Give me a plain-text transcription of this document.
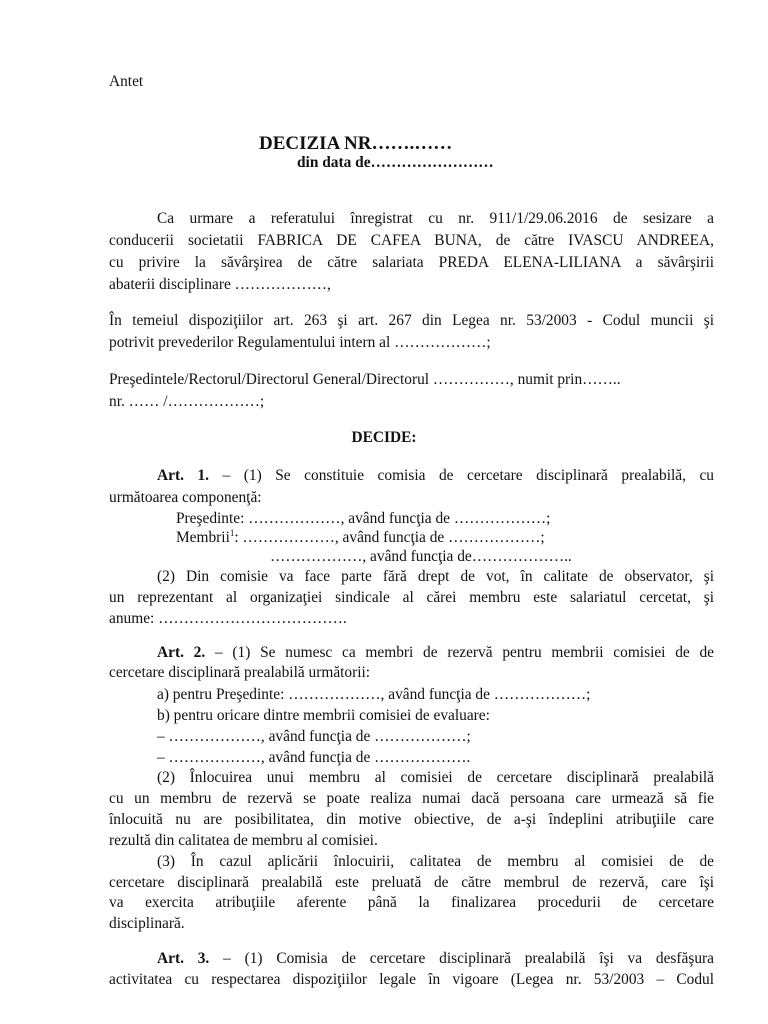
Antet

DECIZIA NR…….……

din data de……………………

Ca urmare a referatului înregistrat cu nr. 911/1/29.06.2016 de sesizare a

conducerii societatii FABRICA DE CAFEA BUNA, de către IVASCU ANDREEA,

cu privire la săvârşirea de către salariata PREDA ELENA-LILIANA a săvârşirii

abaterii disciplinare ………………,

În temeiul dispoziţiilor art. 263 şi art. 267 din Legea nr. 53/2003 - Codul muncii şi

potrivit prevederilor Regulamentului intern al ………………;

Preşedintele/Rectorul/Directorul General/Directorul ……………, numit prin……..

nr. …… /………………;

DECIDE:

Art. 1. – (1) Se constituie comisia de cercetare disciplinară prealabilă, cu

următoarea componenţă:

Preşedinte: ………………, având funcţia de ………………;

Membrii$^1$: ………………, având funcţia de ………………;

………………, având funcţia de………………..

(2) Din comisie va face parte fără drept de vot, în calitate de observator, şi

un reprezentant al organizaţiei sindicale al cărei membru este salariatul cercetat, şi

anume: ……………………………….

Art. 2. – (1) Se numesc ca membri de rezervă pentru membrii comisiei de de

cercetare disciplinară prealabilă următorii:

a) pentru Preşedinte: ………………, având funcţia de ………………;

b) pentru oricare dintre membrii comisiei de evaluare:

– ………………, având funcţia de ………………;

– ………………, având funcţia de ……………….

(2) Înlocuirea unui membru al comisiei de cercetare disciplinară prealabilă

cu un membru de rezervă se poate realiza numai dacă persoana care urmează să fie

înlocuită nu are posibilitatea, din motive obiective, de a-şi îndeplini atribuţiile care

rezultă din calitatea de membru al comisiei.

(3) În cazul aplicării înlocuirii, calitatea de membru al comisiei de de

cercetare disciplinară prealabilă este preluată de către membrul de rezervă, care îşi

va exercita atribuţiile aferente până la finalizarea procedurii de cercetare

disciplinară.

Art. 3. – (1) Comisia de cercetare disciplinară prealabilă îşi va desfăşura

activitatea cu respectarea dispoziţiilor legale în vigoare (Legea nr. 53/2003 – Codul
